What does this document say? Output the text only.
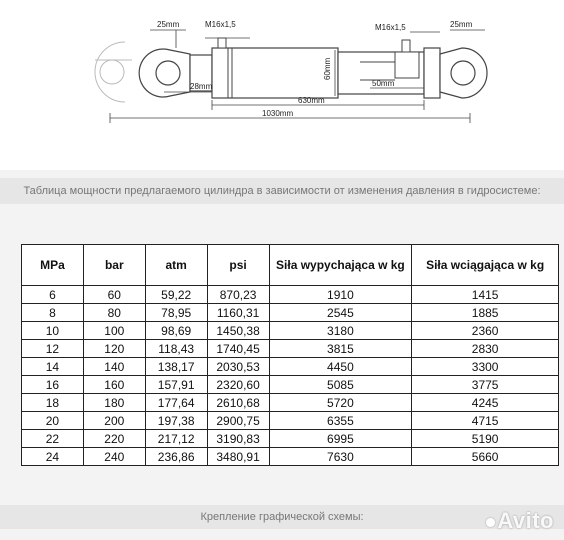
25mm	M16x1,5	M16x1,5	25mm
28mm
630mm
50mm
1030mm
60mm
Таблица мощности предлагаемого цилиндра в зависимости от изменения давления в гидросистеме:
MPa	bar	atm	psi	Siła wypychająca w kg	Siła wciągająca w kg
6	60	59,22	870,23	1910	1415
8	80	78,95	1160,31	2545	1885
10	100	98,69	1450,38	3180	2360
12	120	118,43	1740,45	3815	2830
14	140	138,17	2030,53	4450	3300
16	160	157,91	2320,60	5085	3775
18	180	177,64	2610,68	5720	4245
20	200	197,38	2900,75	6355	4715
22	220	217,12	3190,83	6995	5190
24	240	236,86	3480,91	7630	5660
Крепление графической схемы:	Avito
